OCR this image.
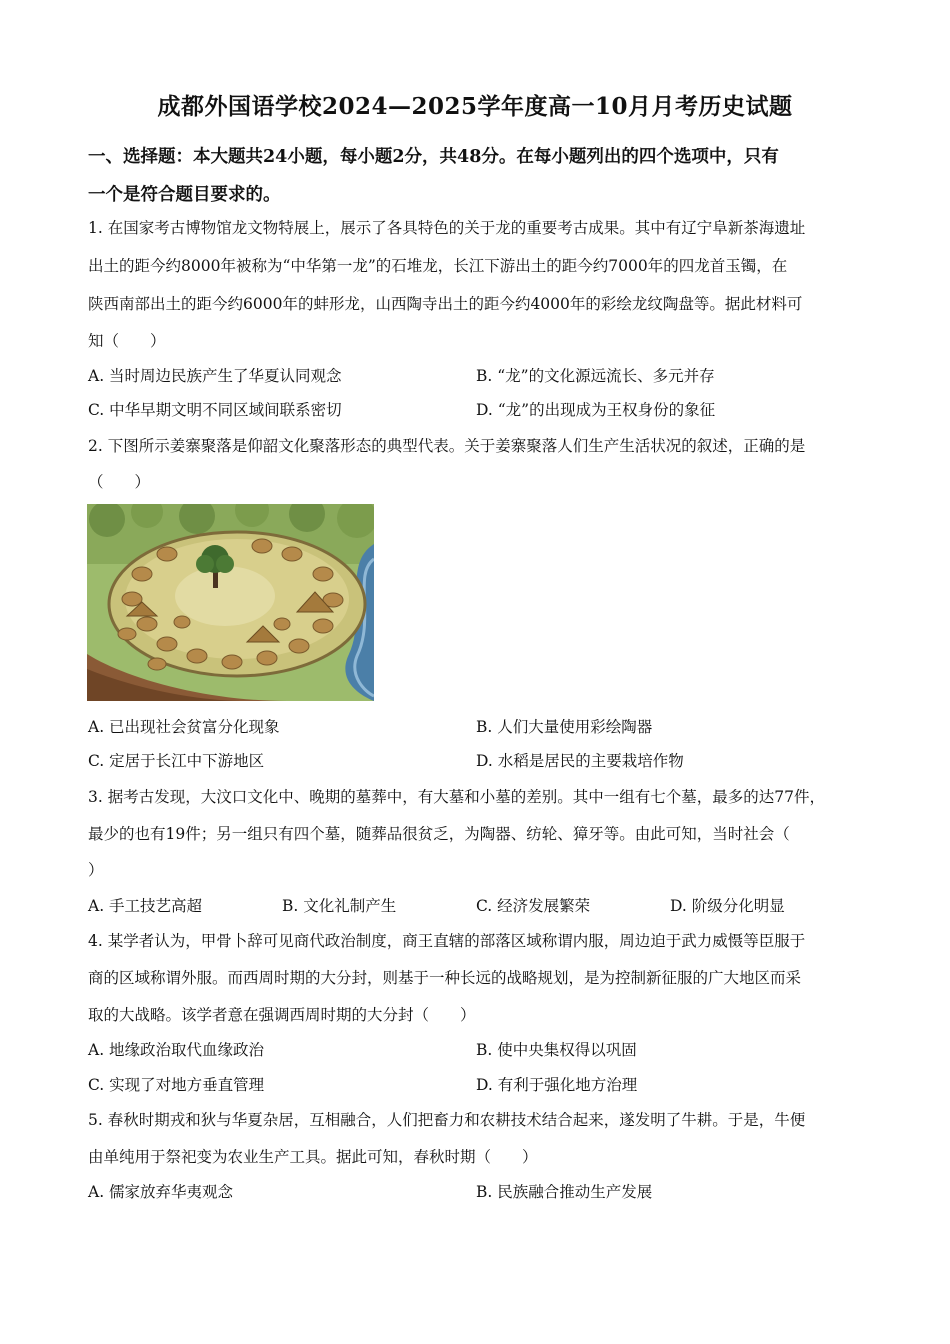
成都外国语学校2024—2025学年度高一10月月考历史试题
一、选择题：本大题共24小题，每小题2分，共48分。在每小题列出的四个选项中，只有
一个是符合题目要求的。
1. 在国家考古博物馆龙文物特展上，展示了各具特色的关于龙的重要考古成果。其中有辽宁阜新茶海遗址
出土的距今约8000年被称为“中华第一龙”的石堆龙，长江下游出土的距今约7000年的四龙首玉镯，在
陕西南部出土的距今约6000年的蚌形龙，山西陶寺出土的距今约4000年的彩绘龙纹陶盘等。据此材料可
知（　　）
A. 当时周边民族产生了华夏认同观念	B. “龙”的文化源远流长、多元并存
C. 中华早期文明不同区域间联系密切	D. “龙”的出现成为王权身份的象征
2. 下图所示姜寨聚落是仰韶文化聚落形态的典型代表。关于姜寨聚落人们生产生活状况的叙述，正确的是
（　　）
A. 已出现社会贫富分化现象	B. 人们大量使用彩绘陶器
C. 定居于长江中下游地区	D. 水稻是居民的主要栽培作物
3. 据考古发现，大汶口文化中、晚期的墓葬中，有大墓和小墓的差别。其中一组有七个墓，最多的达77件，
最少的也有19件；另一组只有四个墓，随葬品很贫乏，为陶器、纺轮、獐牙等。由此可知，当时社会（
）
A. 手工技艺高超	B. 文化礼制产生	C. 经济发展繁荣	D. 阶级分化明显
4. 某学者认为，甲骨卜辞可见商代政治制度，商王直辖的部落区域称谓内服，周边迫于武力威慑等臣服于
商的区域称谓外服。而西周时期的大分封，则基于一种长远的战略规划，是为控制新征服的广大地区而采
取的大战略。该学者意在强调西周时期的大分封（　　）
A. 地缘政治取代血缘政治	B. 使中央集权得以巩固
C. 实现了对地方垂直管理	D. 有利于强化地方治理
5. 春秋时期戎和狄与华夏杂居，互相融合，人们把畜力和农耕技术结合起来，遂发明了牛耕。于是，牛便
由单纯用于祭祀变为农业生产工具。据此可知，春秋时期（　　）
A. 儒家放弃华夷观念	B. 民族融合推动生产发展
